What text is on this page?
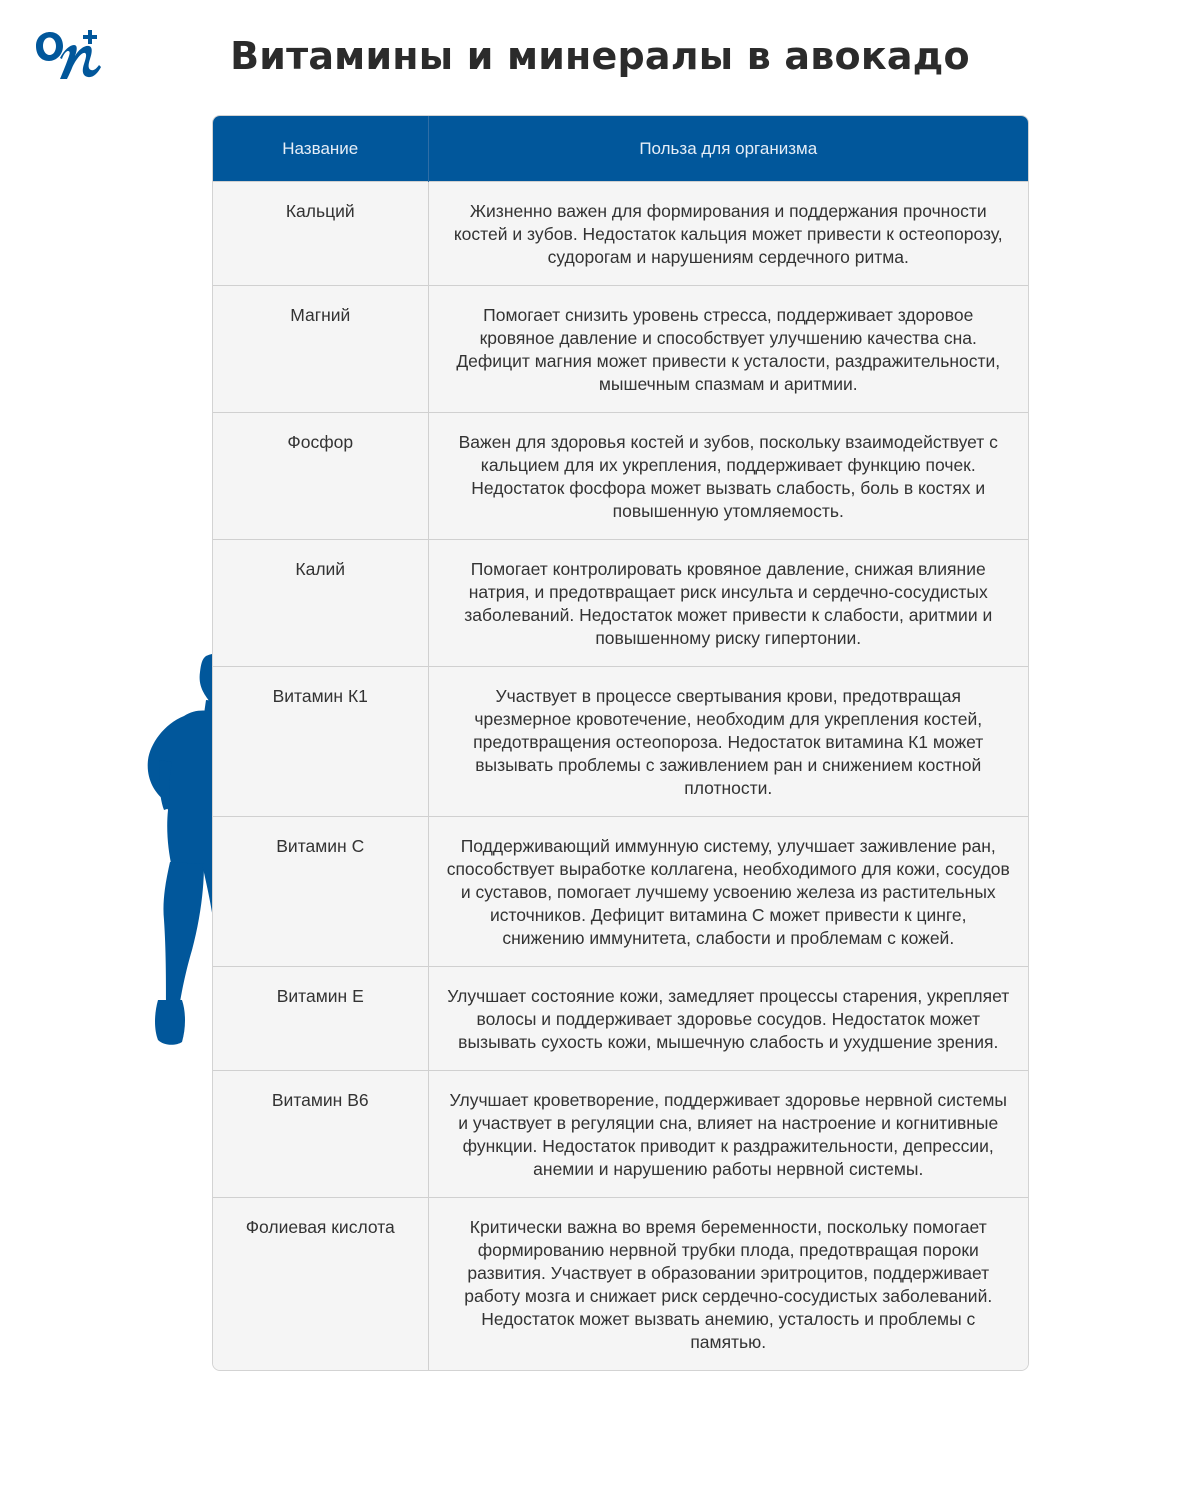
Витамины и минералы в авокадо
Название	Польза для организма
Кальций	Жизненно важен для формирования и поддержания прочности костей и зубов. Недостаток кальция может привести к остеопорозу, судорогам и нарушениям сердечного ритма.
Магний	Помогает снизить уровень стресса, поддерживает здоровое кровяное давление и способствует улучшению качества сна. Дефицит магния может привести к усталости, раздражительности, мышечным спазмам и аритмии.
Фосфор	Важен для здоровья костей и зубов, поскольку взаимодействует с кальцием для их укрепления, поддерживает функцию почек. Недостаток фосфора может вызвать слабость, боль в костях и повышенную утомляемость.
Калий	Помогает контролировать кровяное давление, снижая влияние натрия, и предотвращает риск инсульта и сердечно-сосудистых заболеваний. Недостаток может привести к слабости, аритмии и повышенному риску гипертонии.
Витамин К1	Участвует в процессе свертывания крови, предотвращая чрезмерное кровотечение, необходим для укрепления костей, предотвращения остеопороза. Недостаток витамина К1 может вызывать проблемы с заживлением ран и снижением костной плотности.
Витамин С	Поддерживающий иммунную систему, улучшает заживление ран, способствует выработке коллагена, необходимого для кожи, сосудов и суставов, помогает лучшему усвоению железа из растительных источников. Дефицит витамина С может привести к цинге, снижению иммунитета, слабости и проблемам с кожей.
Витамин Е	Улучшает состояние кожи, замедляет процессы старения, укрепляет волосы и поддерживает здоровье сосудов. Недостаток может вызывать сухость кожи, мышечную слабость и ухудшение зрения.
Витамин В6	Улучшает кроветворение, поддерживает здоровье нервной системы и участвует в регуляции сна, влияет на настроение и когнитивные функции. Недостаток приводит к раздражительности, депрессии, анемии и нарушению работы нервной системы.
Фолиевая кислота	Критически важна во время беременности, поскольку помогает формированию нервной трубки плода, предотвращая пороки развития. Участвует в образовании эритроцитов, поддерживает работу мозга и снижает риск сердечно-сосудистых заболеваний. Недостаток может вызвать анемию, усталость и проблемы с памятью.
